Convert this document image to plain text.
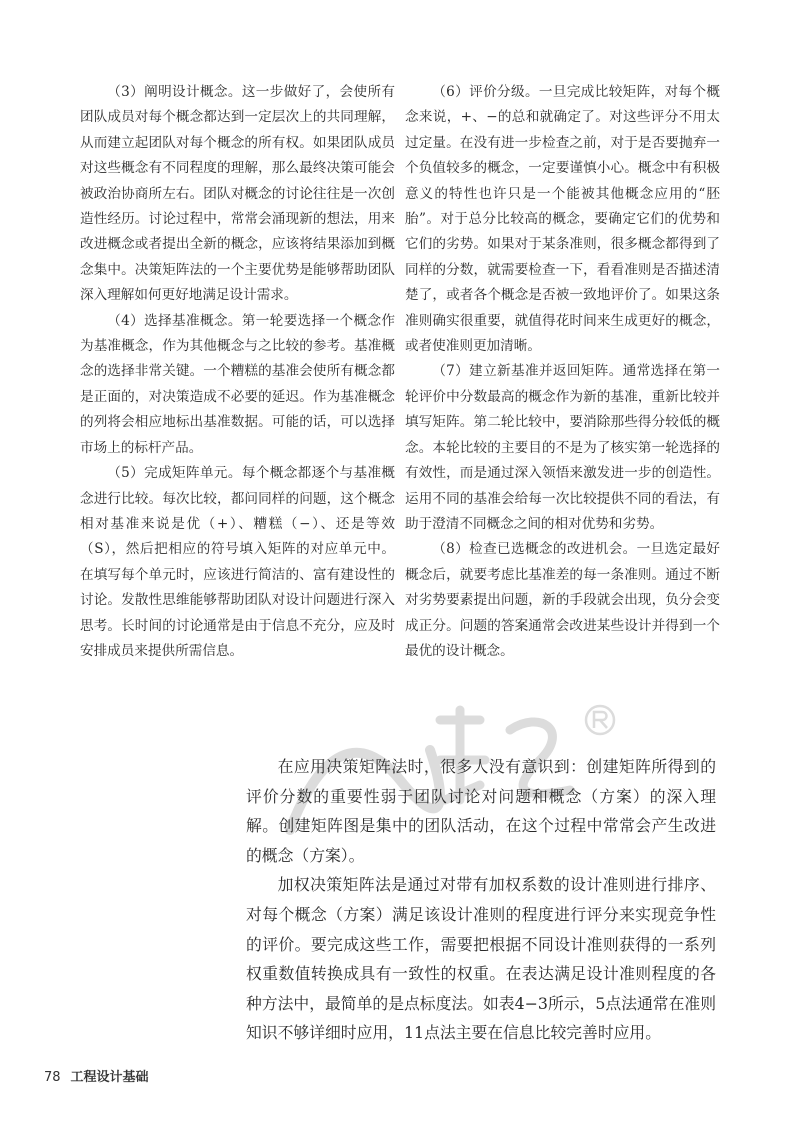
（3）阐明设计概念。这一步做好了，会使所有团队成员对每个概念都达到一定层次上的共同理解，从而建立起团队对每个概念的所有权。如果团队成员对这些概念有不同程度的理解，那么最终决策可能会被政治协商所左右。团队对概念的讨论往往是一次创造性经历。讨论过程中，常常会涌现新的想法，用来改进概念或者提出全新的概念，应该将结果添加到概念集中。决策矩阵法的一个主要优势是能够帮助团队深入理解如何更好地满足设计需求。

（4）选择基准概念。第一轮要选择一个概念作为基准概念，作为其他概念与之比较的参考。基准概念的选择非常关键。一个糟糕的基准会使所有概念都是正面的，对决策造成不必要的延迟。作为基准概念的列将会相应地标出基准数据。可能的话，可以选择市场上的标杆产品。

（5）完成矩阵单元。每个概念都逐个与基准概念进行比较。每次比较，都问同样的问题，这个概念相对基准来说是优（+）、糟糕（−）、还是等效（S），然后把相应的符号填入矩阵的对应单元中。在填写每个单元时，应该进行简洁的、富有建设性的讨论。发散性思维能够帮助团队对设计问题进行深入思考。长时间的讨论通常是由于信息不充分，应及时安排成员来提供所需信息。

（6）评价分级。一旦完成比较矩阵，对每个概念来说，+、−的总和就确定了。对这些评分不用太过定量。在没有进一步检查之前，对于是否要抛弃一个负值较多的概念，一定要谨慎小心。概念中有积极意义的特性也许只是一个能被其他概念应用的“胚胎”。对于总分比较高的概念，要确定它们的优势和它们的劣势。如果对于某条准则，很多概念都得到了同样的分数，就需要检查一下，看看准则是否描述清楚了，或者各个概念是否被一致地评价了。如果这条准则确实很重要，就值得花时间来生成更好的概念，或者使准则更加清晰。

（7）建立新基准并返回矩阵。通常选择在第一轮评价中分数最高的概念作为新的基准，重新比较并填写矩阵。第二轮比较中，要消除那些得分较低的概念。本轮比较的主要目的不是为了核实第一轮选择的有效性，而是通过深入领悟来激发进一步的创造性。运用不同的基准会给每一次比较提供不同的看法，有助于澄清不同概念之间的相对优势和劣势。

（8）检查已选概念的改进机会。一旦选定最好概念后，就要考虑比基准差的每一条准则。通过不断对劣势要素提出问题，新的手段就会出现，负分会变成正分。问题的答案通常会改进某些设计并得到一个最优的设计概念。

在应用决策矩阵法时，很多人没有意识到：创建矩阵所得到的评价分数的重要性弱于团队讨论对问题和概念（方案）的深入理解。创建矩阵图是集中的团队活动，在这个过程中常常会产生改进的概念（方案）。

加权决策矩阵法是通过对带有加权系数的设计准则进行排序、对每个概念（方案）满足该设计准则的程度进行评分来实现竞争性的评价。要完成这些工作，需要把根据不同设计准则获得的一系列权重数值转换成具有一致性的权重。在表达满足设计准则程度的各种方法中，最简单的是点标度法。如表4−3所示，5点法通常在准则知识不够详细时应用，11点法主要在信息比较完善时应用。

78 工程设计基础
